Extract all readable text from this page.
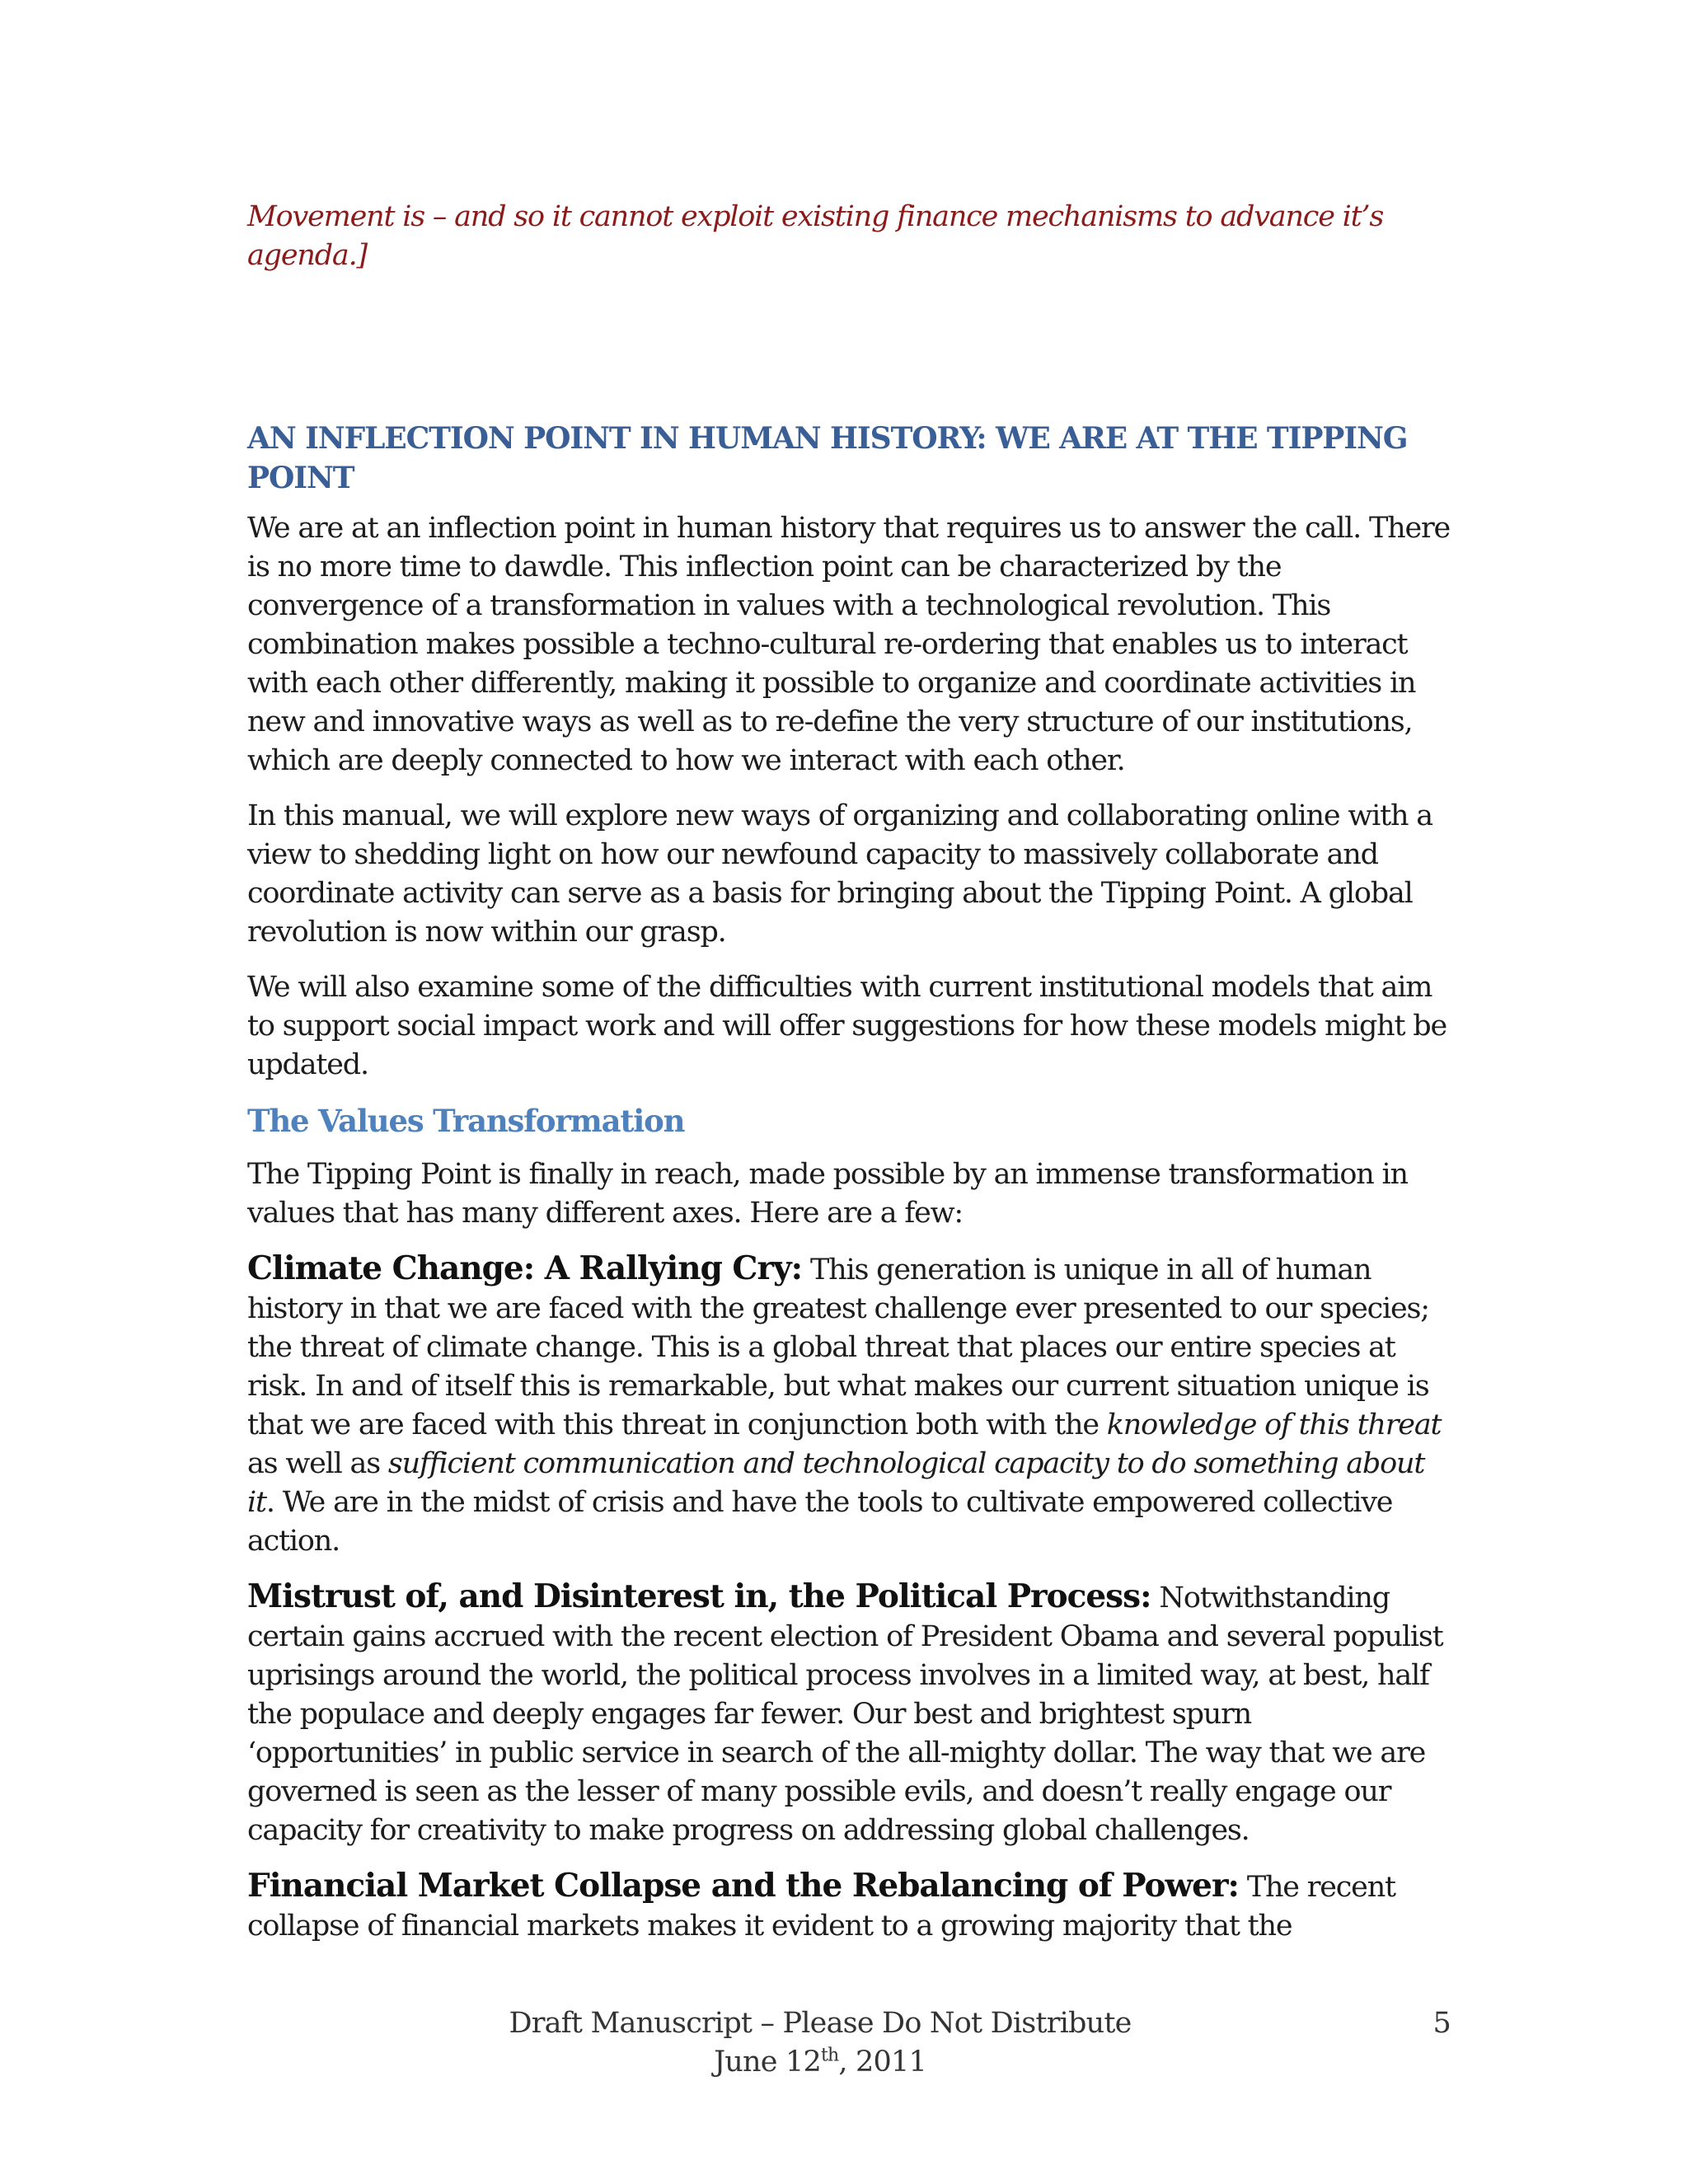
Movement is – and so it cannot exploit existing finance mechanisms to advance it’s
agenda.]

AN INFLECTION POINT IN HUMAN HISTORY: WE ARE AT THE TIPPING POINT

We are at an inflection point in human history that requires us to answer the call. There is no more time to dawdle. This inflection point can be characterized by the convergence of a transformation in values with a technological revolution. This combination makes possible a techno-cultural re-ordering that enables us to interact with each other differently, making it possible to organize and coordinate activities in new and innovative ways as well as to re-define the very structure of our institutions, which are deeply connected to how we interact with each other.

In this manual, we will explore new ways of organizing and collaborating online with a view to shedding light on how our newfound capacity to massively collaborate and coordinate activity can serve as a basis for bringing about the Tipping Point. A global revolution is now within our grasp.

We will also examine some of the difficulties with current institutional models that aim to support social impact work and will offer suggestions for how these models might be updated.

The Values Transformation

The Tipping Point is finally in reach, made possible by an immense transformation in values that has many different axes. Here are a few:

Climate Change: A Rallying Cry: This generation is unique in all of human history in that we are faced with the greatest challenge ever presented to our species; the threat of climate change. This is a global threat that places our entire species at risk. In and of itself this is remarkable, but what makes our current situation unique is that we are faced with this threat in conjunction both with the knowledge of this threat as well as sufficient communication and technological capacity to do something about it. We are in the midst of crisis and have the tools to cultivate empowered collective action.

Mistrust of, and Disinterest in, the Political Process: Notwithstanding certain gains accrued with the recent election of President Obama and several populist uprisings around the world, the political process involves in a limited way, at best, half the populace and deeply engages far fewer. Our best and brightest spurn ‘opportunities’ in public service in search of the all-mighty dollar. The way that we are governed is seen as the lesser of many possible evils, and doesn’t really engage our capacity for creativity to make progress on addressing global challenges.

Financial Market Collapse and the Rebalancing of Power: The recent collapse of financial markets makes it evident to a growing majority that the

Draft Manuscript – Please Do Not Distribute
June 12th, 2011
5
